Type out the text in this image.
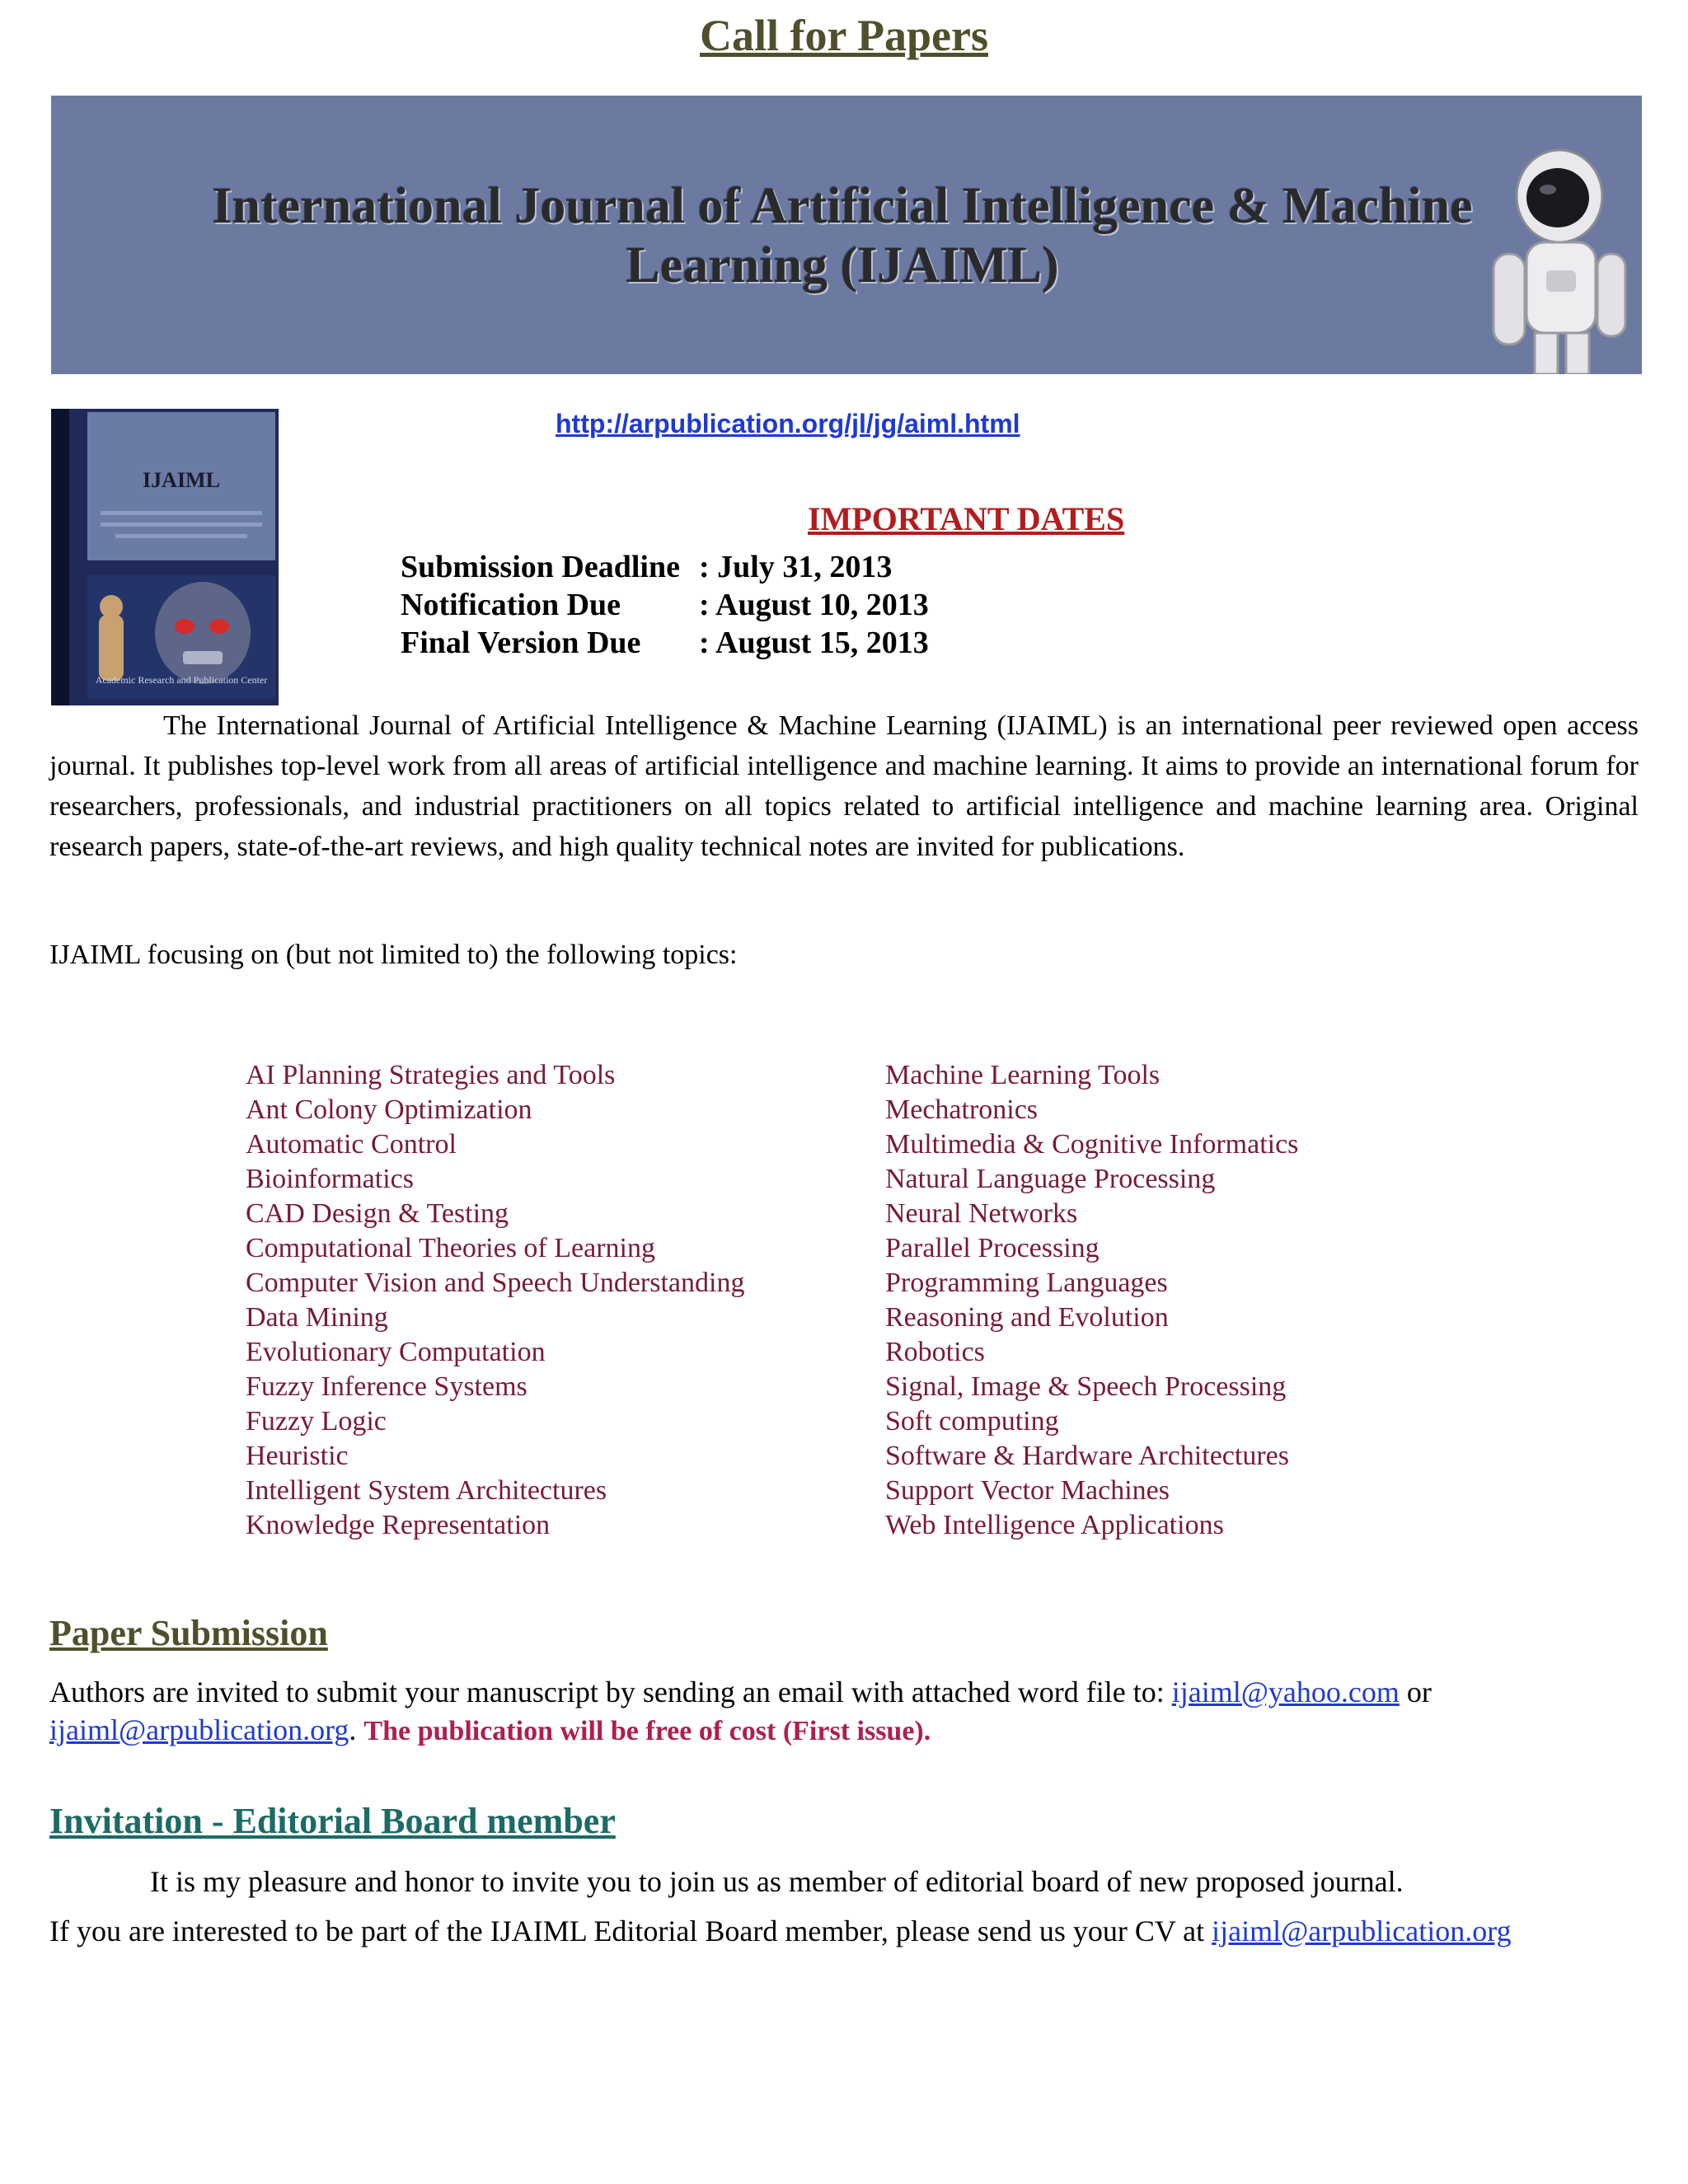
Call for Papers
International Journal of Artificial Intelligence & Machine
Learning (IJAIML)
IJAIML
Academic Research and Publication Center
http://arpublication.org/jl/jg/aiml.html
IMPORTANT DATES
Submission Deadline : July 31, 2013
Notification Due : August 10, 2013
Final Version Due : August 15, 2013
The International Journal of Artificial Intelligence & Machine Learning (IJAIML) is an international peer reviewed open access journal. It publishes top-level work from all areas of artificial intelligence and machine learning. It aims to provide an international forum for researchers, professionals, and industrial practitioners on all topics related to artificial intelligence and machine learning area. Original research papers, state-of-the-art reviews, and high quality technical notes are invited for publications.
IJAIML focusing on (but not limited to) the following topics:
AI Planning Strategies and Tools
Ant Colony Optimization
Automatic Control
Bioinformatics
CAD Design & Testing
Computational Theories of Learning
Computer Vision and Speech Understanding
Data Mining
Evolutionary Computation
Fuzzy Inference Systems
Fuzzy Logic
Heuristic
Intelligent System Architectures
Knowledge Representation
Machine Learning Tools
Mechatronics
Multimedia & Cognitive Informatics
Natural Language Processing
Neural Networks
Parallel Processing
Programming Languages
Reasoning and Evolution
Robotics
Signal, Image & Speech Processing
Soft computing
Software & Hardware Architectures
Support Vector Machines
Web Intelligence Applications
Paper Submission
Authors are invited to submit your manuscript by sending an email with attached word file to: ijaiml@yahoo.com or
ijaiml@arpublication.org. The publication will be free of cost (First issue).
Invitation - Editorial Board member
It is my pleasure and honor to invite you to join us as member of editorial board of new proposed journal.
If you are interested to be part of the IJAIML Editorial Board member, please send us your CV at ijaiml@arpublication.org
